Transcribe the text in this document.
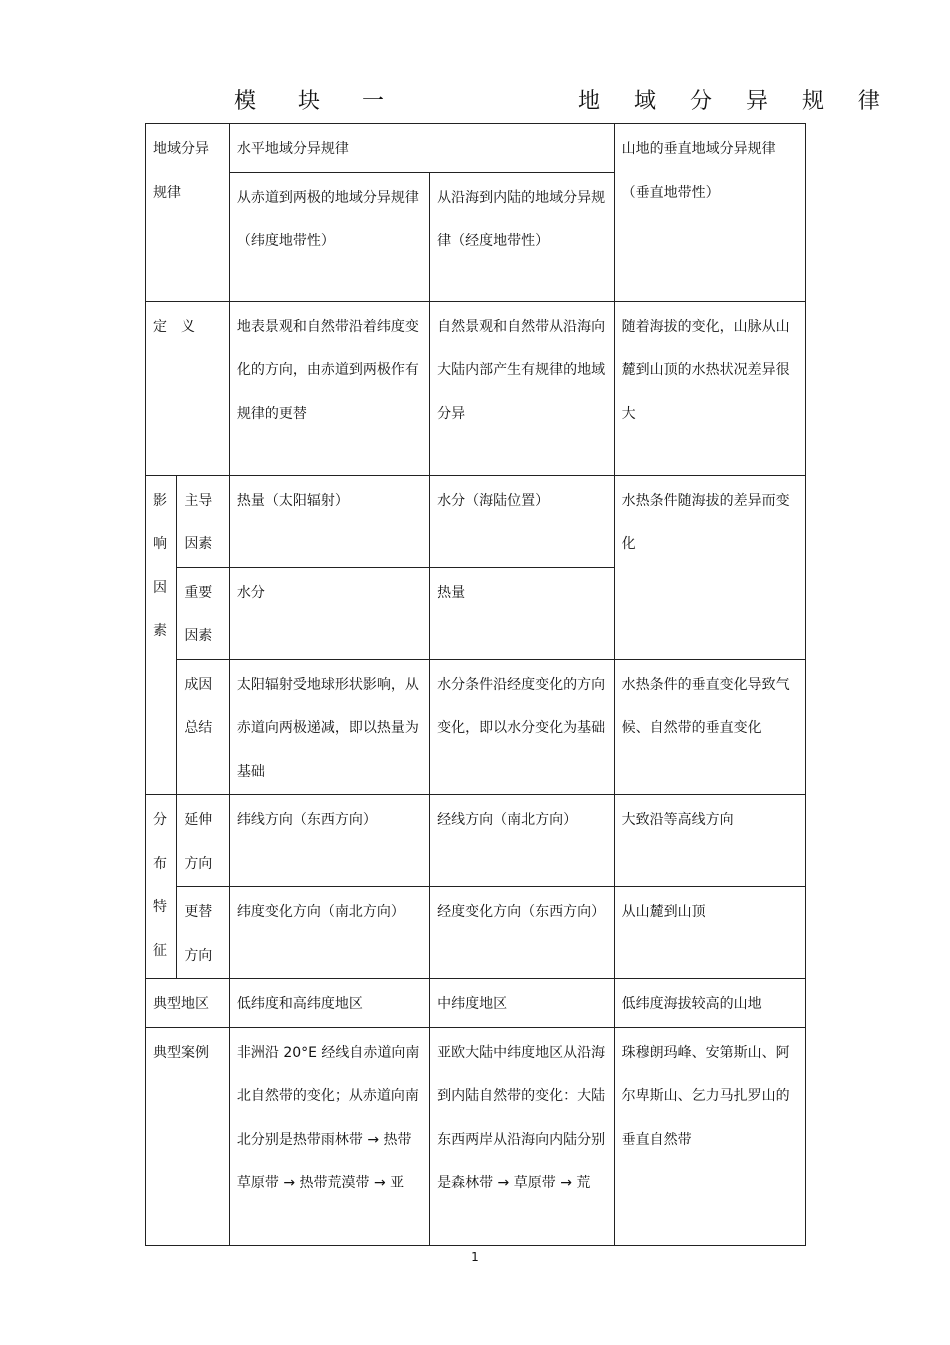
模 块 一	地 域 分 异 规 律
地域分异规律		水平地域分异规律		山地的垂直地域分异规律（垂直地带性）
		从赤道到两极的地域分异规律（纬度地带性）	从沿海到内陆的地域分异规律（经度地带性）	
定义		地表景观和自然带沿着纬度变化的方向，由赤道到两极作有规律的更替	自然景观和自然带从沿海向大陆内部产生有规律的地域分异	随着海拔的变化，山脉从山麓到山顶的水热状况差异很大
影响因素	主导因素	热量（太阳辐射）	水分（海陆位置）	水热条件随海拔的差异而变化
	重要因素	水分	热量	
	成因总结	太阳辐射受地球形状影响，从赤道向两极递减，即以热量为基础	水分条件沿经度变化的方向变化，即以水分变化为基础	水热条件的垂直变化导致气候、自然带的垂直变化
分布特征	延伸方向	纬线方向（东西方向）	经线方向（南北方向）	大致沿等高线方向
	更替方向	纬度变化方向（南北方向）	经度变化方向（东西方向）	从山麓到山顶
典型地区		低纬度和高纬度地区	中纬度地区	低纬度海拔较高的山地
典型案例		非洲沿 20°E 经线自赤道向南北自然带的变化；从赤道向南北分别是热带雨林带 → 热带草原带 → 热带荒漠带 → 亚	亚欧大陆中纬度地区从沿海到内陆自然带的变化：大陆东西两岸从沿海向内陆分别是森林带 → 草原带 → 荒	珠穆朗玛峰、安第斯山、阿尔卑斯山、乞力马扎罗山的垂直自然带
1
